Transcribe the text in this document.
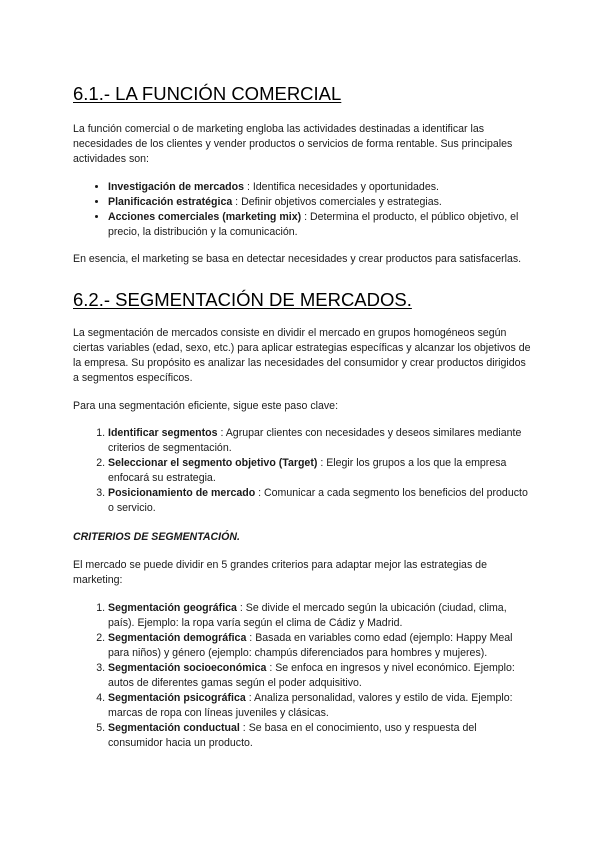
6.1.- LA FUNCIÓN COMERCIAL

La función comercial o de marketing engloba las actividades destinadas a identificar las necesidades de los clientes y vender productos o servicios de forma rentable. Sus principales actividades son:

• Investigación de mercados : Identifica necesidades y oportunidades.
• Planificación estratégica : Definir objetivos comerciales y estrategias.
• Acciones comerciales (marketing mix) : Determina el producto, el público objetivo, el precio, la distribución y la comunicación.

En esencia, el marketing se basa en detectar necesidades y crear productos para satisfacerlas.

6.2.- SEGMENTACIÓN DE MERCADOS.

La segmentación de mercados consiste en dividir el mercado en grupos homogéneos según ciertas variables (edad, sexo, etc.) para aplicar estrategias específicas y alcanzar los objetivos de la empresa. Su propósito es analizar las necesidades del consumidor y crear productos dirigidos a segmentos específicos.

Para una segmentación eficiente, sigue este paso clave:

1. Identificar segmentos : Agrupar clientes con necesidades y deseos similares mediante criterios de segmentación.
2. Seleccionar el segmento objetivo (Target) : Elegir los grupos a los que la empresa enfocará su estrategia.
3. Posicionamiento de mercado : Comunicar a cada segmento los beneficios del producto o servicio.

CRITERIOS DE SEGMENTACIÓN.

El mercado se puede dividir en 5 grandes criterios para adaptar mejor las estrategias de marketing:

1. Segmentación geográfica : Se divide el mercado según la ubicación (ciudad, clima, país). Ejemplo: la ropa varía según el clima de Cádiz y Madrid.
2. Segmentación demográfica : Basada en variables como edad (ejemplo: Happy Meal para niños) y género (ejemplo: champús diferenciados para hombres y mujeres).
3. Segmentación socioeconómica : Se enfoca en ingresos y nivel económico. Ejemplo: autos de diferentes gamas según el poder adquisitivo.
4. Segmentación psicográfica : Analiza personalidad, valores y estilo de vida. Ejemplo: marcas de ropa con líneas juveniles y clásicas.
5. Segmentación conductual : Se basa en el conocimiento, uso y respuesta del consumidor hacia un producto.
